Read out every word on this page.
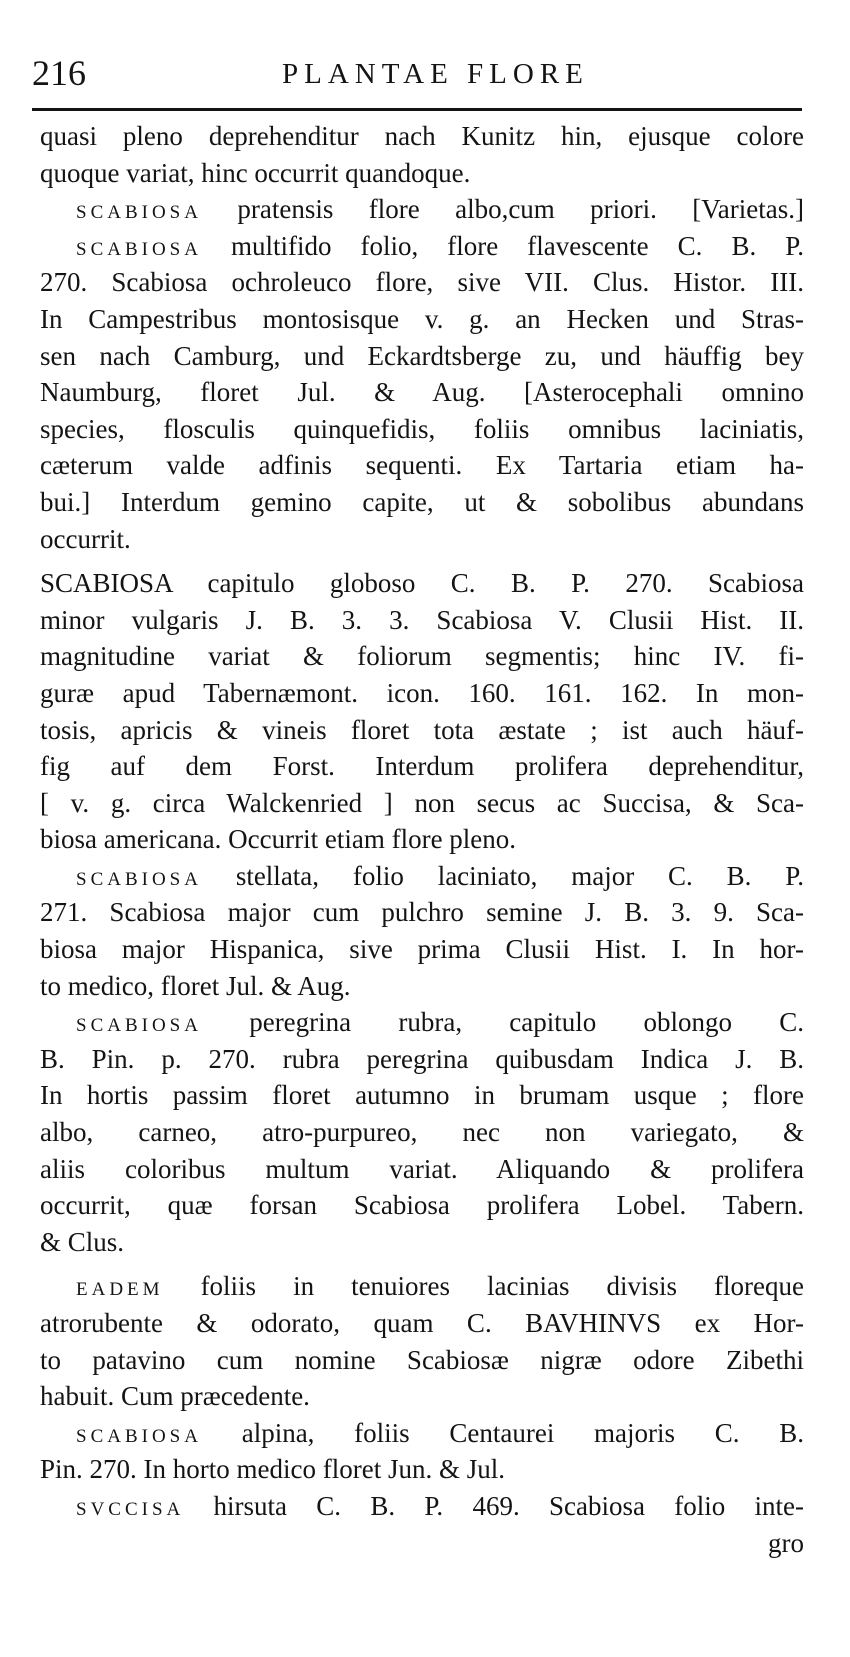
216	PLANTAE FLORE
quasi pleno deprehenditur nach Kunitz hin, ejusque colore
quoque variat, hinc occurrit quandoque.
SCABIOSA pratensis flore albo,cum priori. [Varietas.]
SCABIOSA multifido folio, flore flavescente C. B. P.
270. Scabiosa ochroleuco flore, sive VII. Clus. Histor. III.
In Campestribus montosisque v. g. an Hecken und Stras-
sen nach Camburg, und Eckardtsberge zu, und häuffig bey
Naumburg, floret Jul. & Aug. [Asterocephali omnino
species, flosculis quinquefidis, foliis omnibus laciniatis,
cæterum valde adfinis sequenti. Ex Tartaria etiam ha-
bui.] Interdum gemino capite, ut & sobolibus abundans
occurrit.
SCABIOSA capitulo globoso C. B. P. 270. Scabiosa
minor vulgaris J. B. 3. 3. Scabiosa V. Clusii Hist. II.
magnitudine variat & foliorum segmentis; hinc IV. fi-
guræ apud Tabernæmont. icon. 160. 161. 162. In mon-
tosis, apricis & vineis floret tota æstate ; ist auch häuf-
fig auf dem Forst. Interdum prolifera deprehenditur,
[ v. g. circa Walckenried ] non secus ac Succisa, & Sca-
biosa americana. Occurrit etiam flore pleno.
SCABIOSA stellata, folio laciniato, major C. B. P.
271. Scabiosa major cum pulchro semine J. B. 3. 9. Sca-
biosa major Hispanica, sive prima Clusii Hist. I. In hor-
to medico, floret Jul. & Aug.
SCABIOSA peregrina rubra, capitulo oblongo C.
B. Pin. p. 270. rubra peregrina quibusdam Indica J. B.
In hortis passim floret autumno in brumam usque ; flore
albo, carneo, atro-purpureo, nec non variegato, &
aliis coloribus multum variat. Aliquando & prolifera
occurrit, quæ forsan Scabiosa prolifera Lobel. Tabern.
& Clus.
EADEM foliis in tenuiores lacinias divisis floreque
atrorubente & odorato, quam C. BAVHINVS ex Hor-
to patavino cum nomine Scabiosæ nigræ odore Zibethi
habuit. Cum præcedente.
SCABIOSA alpina, foliis Centaurei majoris C. B.
Pin. 270. In horto medico floret Jun. & Jul.
SVCCISA hirsuta C. B. P. 469. Scabiosa folio inte-
gro
